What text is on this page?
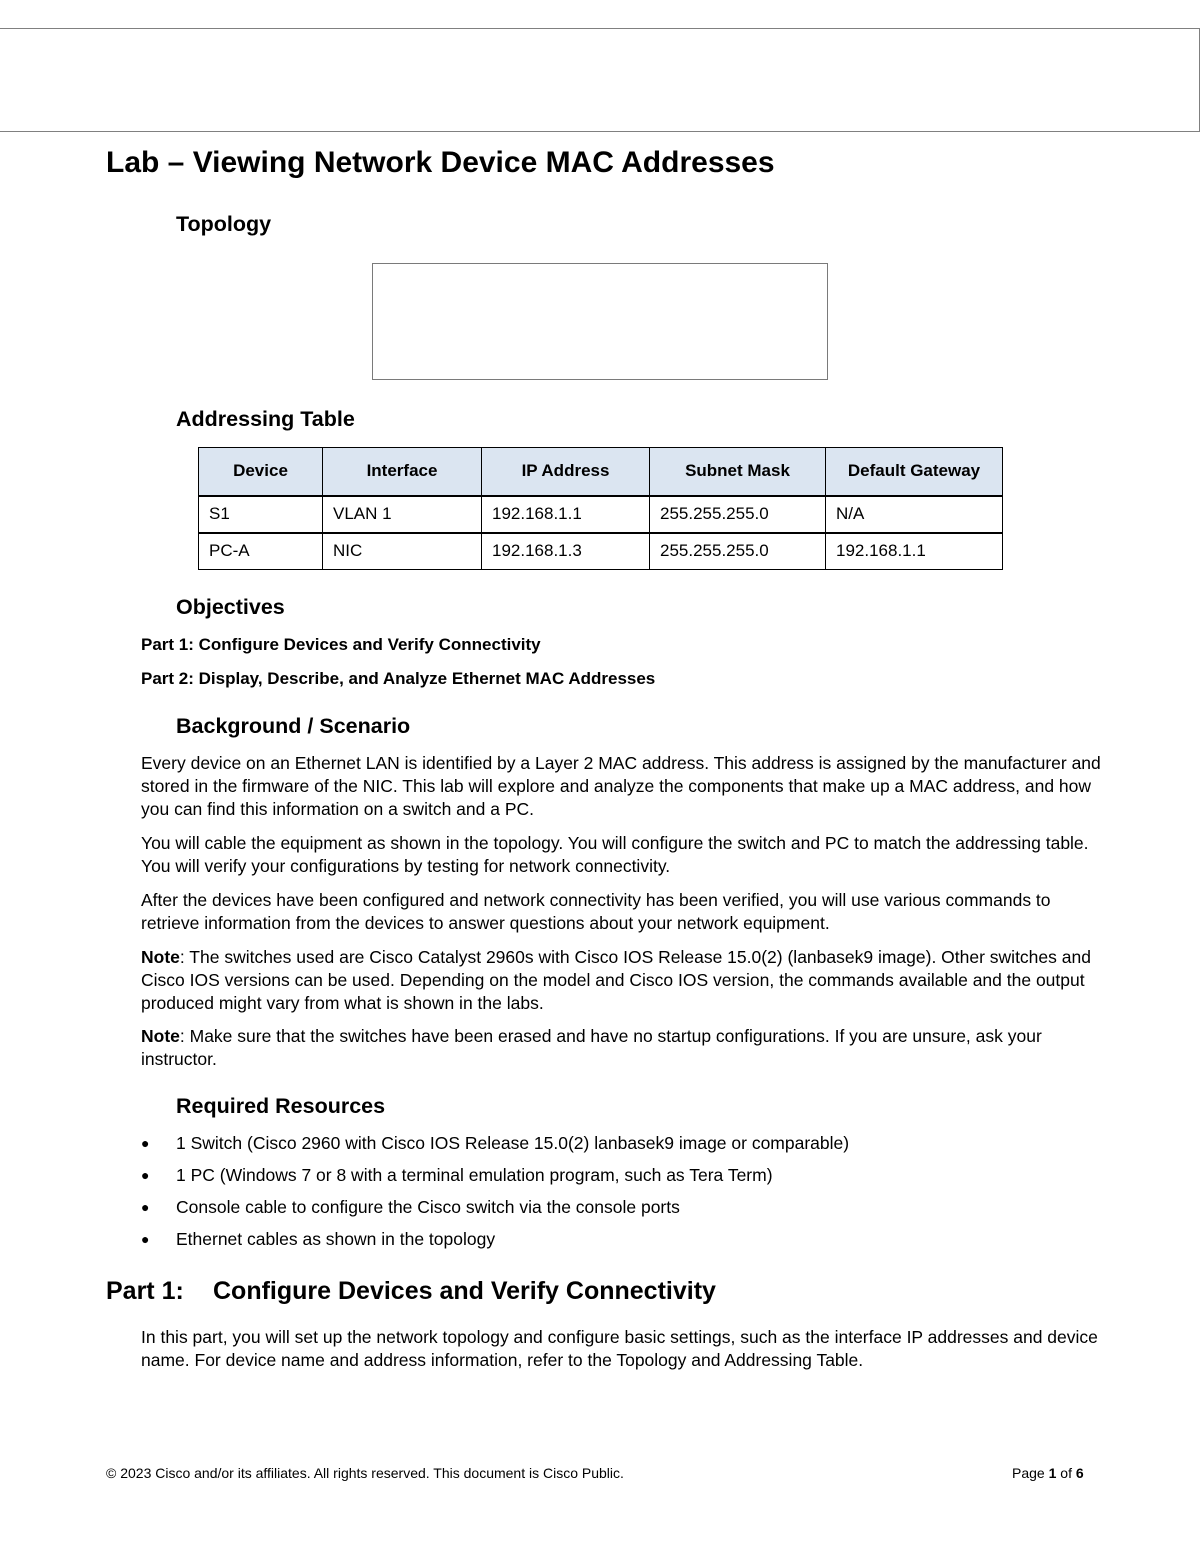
Lab – Viewing Network Device MAC Addresses
Topology
Addressing Table
Device	Interface	IP Address	Subnet Mask	Default Gateway
S1	VLAN 1	192.168.1.1	255.255.255.0	N/A
PC-A	NIC	192.168.1.3	255.255.255.0	192.168.1.1
Objectives
Part 1: Configure Devices and Verify Connectivity
Part 2: Display, Describe, and Analyze Ethernet MAC Addresses
Background / Scenario
Every device on an Ethernet LAN is identified by a Layer 2 MAC address. This address is assigned by the manufacturer and stored in the firmware of the NIC. This lab will explore and analyze the components that make up a MAC address, and how you can find this information on a switch and a PC.
You will cable the equipment as shown in the topology. You will configure the switch and PC to match the addressing table. You will verify your configurations by testing for network connectivity.
After the devices have been configured and network connectivity has been verified, you will use various commands to retrieve information from the devices to answer questions about your network equipment.
Note: The switches used are Cisco Catalyst 2960s with Cisco IOS Release 15.0(2) (lanbasek9 image). Other switches and Cisco IOS versions can be used. Depending on the model and Cisco IOS version, the commands available and the output produced might vary from what is shown in the labs.
Note: Make sure that the switches have been erased and have no startup configurations. If you are unsure, ask your instructor.
Required Resources
● 1 Switch (Cisco 2960 with Cisco IOS Release 15.0(2) lanbasek9 image or comparable)
● 1 PC (Windows 7 or 8 with a terminal emulation program, such as Tera Term)
● Console cable to configure the Cisco switch via the console ports
● Ethernet cables as shown in the topology
Part 1: Configure Devices and Verify Connectivity
In this part, you will set up the network topology and configure basic settings, such as the interface IP addresses and device name. For device name and address information, refer to the Topology and Addressing Table.
© 2023 Cisco and/or its affiliates. All rights reserved. This document is Cisco Public.	Page 1 of 6
